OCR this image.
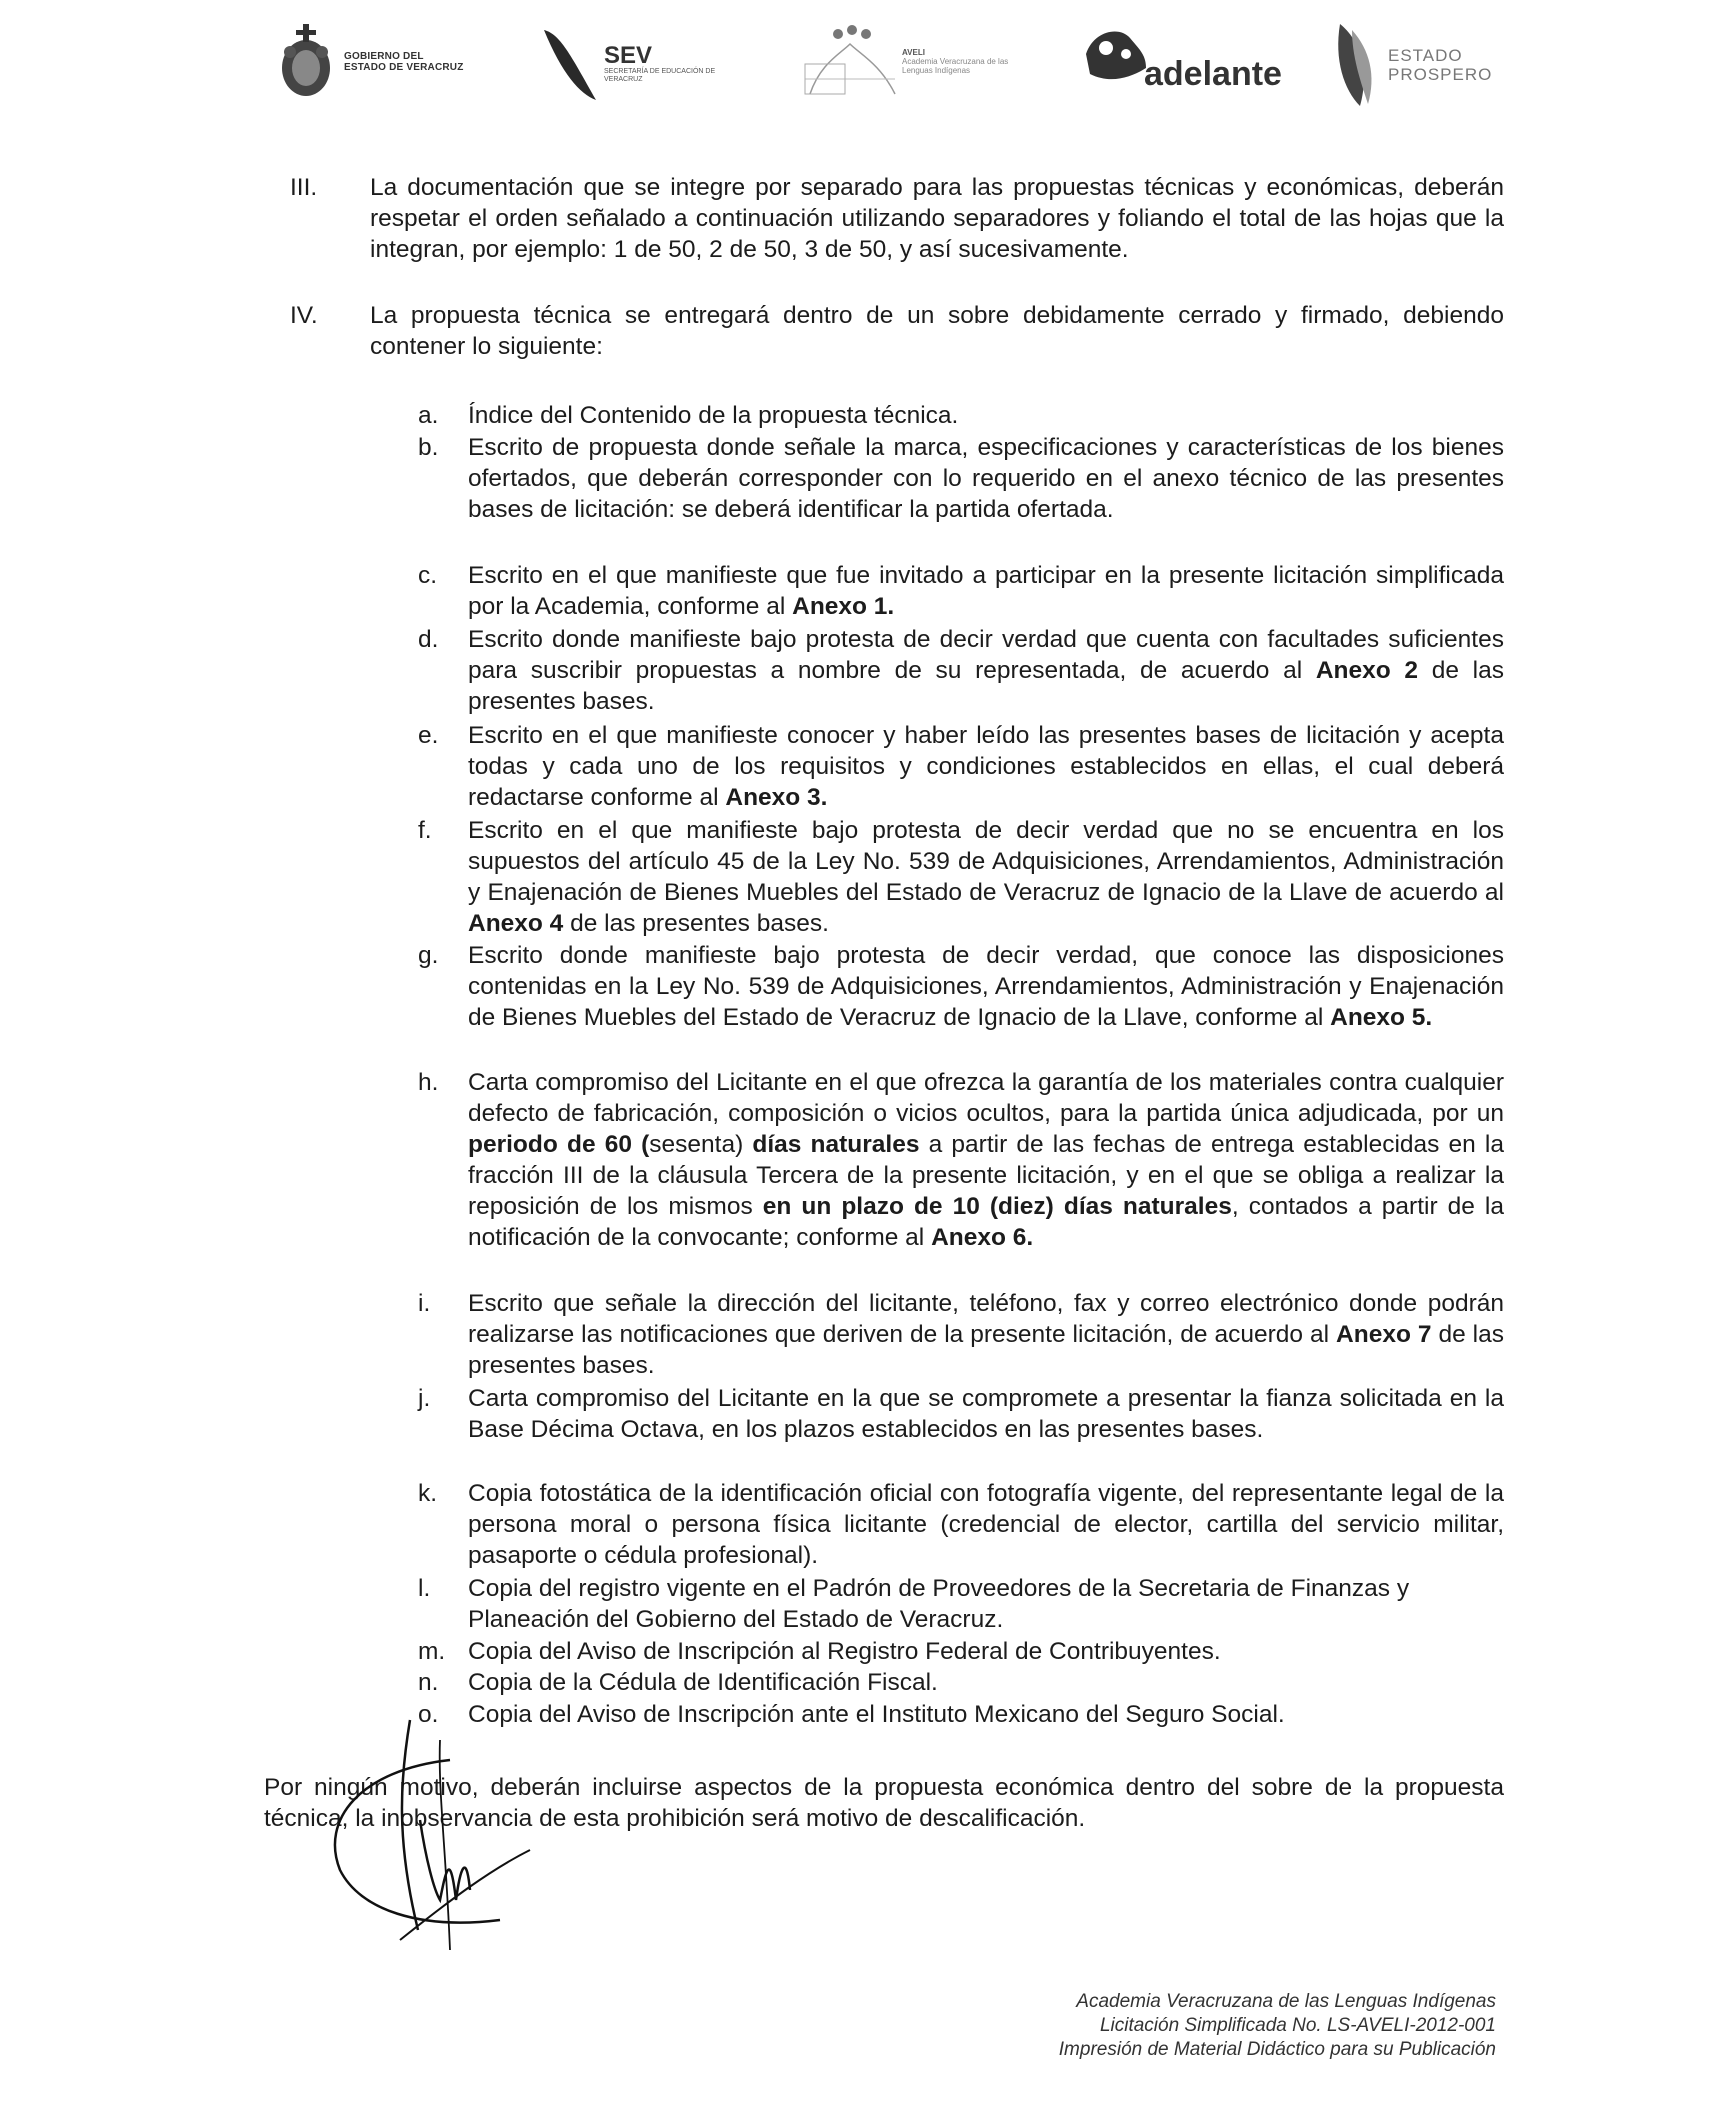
GOBIERNO DEL ESTADO DE VERACRUZ	SEV
SECRETARÍA DE EDUCACIÓN DE VERACRUZ
AVELI
Academia Veracruzana de las Lenguas Indígenas	adelante	ESTADO
PROSPERO
III. La documentación que se integre por separado para las propuestas técnicas y económicas, deberán respetar el orden señalado a continuación utilizando separadores y foliando el total de las hojas que la integran, por ejemplo: 1 de 50, 2 de 50, 3 de 50, y así sucesivamente.
IV. La propuesta técnica se entregará dentro de un sobre debidamente cerrado y firmado, debiendo contener lo siguiente:
a. Índice del Contenido de la propuesta técnica.
b. Escrito de propuesta donde señale la marca, especificaciones y características de los bienes ofertados, que deberán corresponder con lo requerido en el anexo técnico de las presentes bases de licitación: se deberá identificar la partida ofertada.
c. Escrito en el que manifieste que fue invitado a participar en la presente licitación simplificada por la Academia, conforme al Anexo 1.
d. Escrito donde manifieste bajo protesta de decir verdad que cuenta con facultades suficientes para suscribir propuestas a nombre de su representada, de acuerdo al Anexo 2 de las presentes bases.
e. Escrito en el que manifieste conocer y haber leído las presentes bases de licitación y acepta todas y cada uno de los requisitos y condiciones establecidos en ellas, el cual deberá redactarse conforme al Anexo 3.
f. Escrito en el que manifieste bajo protesta de decir verdad que no se encuentra en los supuestos del artículo 45 de la Ley No. 539 de Adquisiciones, Arrendamientos, Administración y Enajenación de Bienes Muebles del Estado de Veracruz de Ignacio de la Llave de acuerdo al Anexo 4 de las presentes bases.
g. Escrito donde manifieste bajo protesta de decir verdad, que conoce las disposiciones contenidas en la Ley No. 539 de Adquisiciones, Arrendamientos, Administración y Enajenación de Bienes Muebles del Estado de Veracruz de Ignacio de la Llave, conforme al Anexo 5.
h. Carta compromiso del Licitante en el que ofrezca la garantía de los materiales contra cualquier defecto de fabricación, composición o vicios ocultos, para la partida única adjudicada, por un periodo de 60 (sesenta) días naturales a partir de las fechas de entrega establecidas en la fracción III de la cláusula Tercera de la presente licitación, y en el que se obliga a realizar la reposición de los mismos en un plazo de 10 (diez) días naturales, contados a partir de la notificación de la convocante; conforme al Anexo 6.
i. Escrito que señale la dirección del licitante, teléfono, fax y correo electrónico donde podrán realizarse las notificaciones que deriven de la presente licitación, de acuerdo al Anexo 7 de las presentes bases.
j. Carta compromiso del Licitante en la que se compromete a presentar la fianza solicitada en la Base Décima Octava, en los plazos establecidos en las presentes bases.
k. Copia fotostática de la identificación oficial con fotografía vigente, del representante legal de la persona moral o persona física licitante (credencial de elector, cartilla del servicio militar, pasaporte o cédula profesional).
l. Copia del registro vigente en el Padrón de Proveedores de la Secretaria de Finanzas y Planeación del Gobierno del Estado de Veracruz.
m. Copia del Aviso de Inscripción al Registro Federal de Contribuyentes.
n. Copia de la Cédula de Identificación Fiscal.
o. Copia del Aviso de Inscripción ante el Instituto Mexicano del Seguro Social.
Por ningún motivo, deberán incluirse aspectos de la propuesta económica dentro del sobre de la propuesta técnica, la inobservancia de esta prohibición será motivo de descalificación.
Academia Veracruzana de las Lenguas Indígenas
Licitación Simplificada No. LS-AVELI-2012-001
Impresión de Material Didáctico para su Publicación
